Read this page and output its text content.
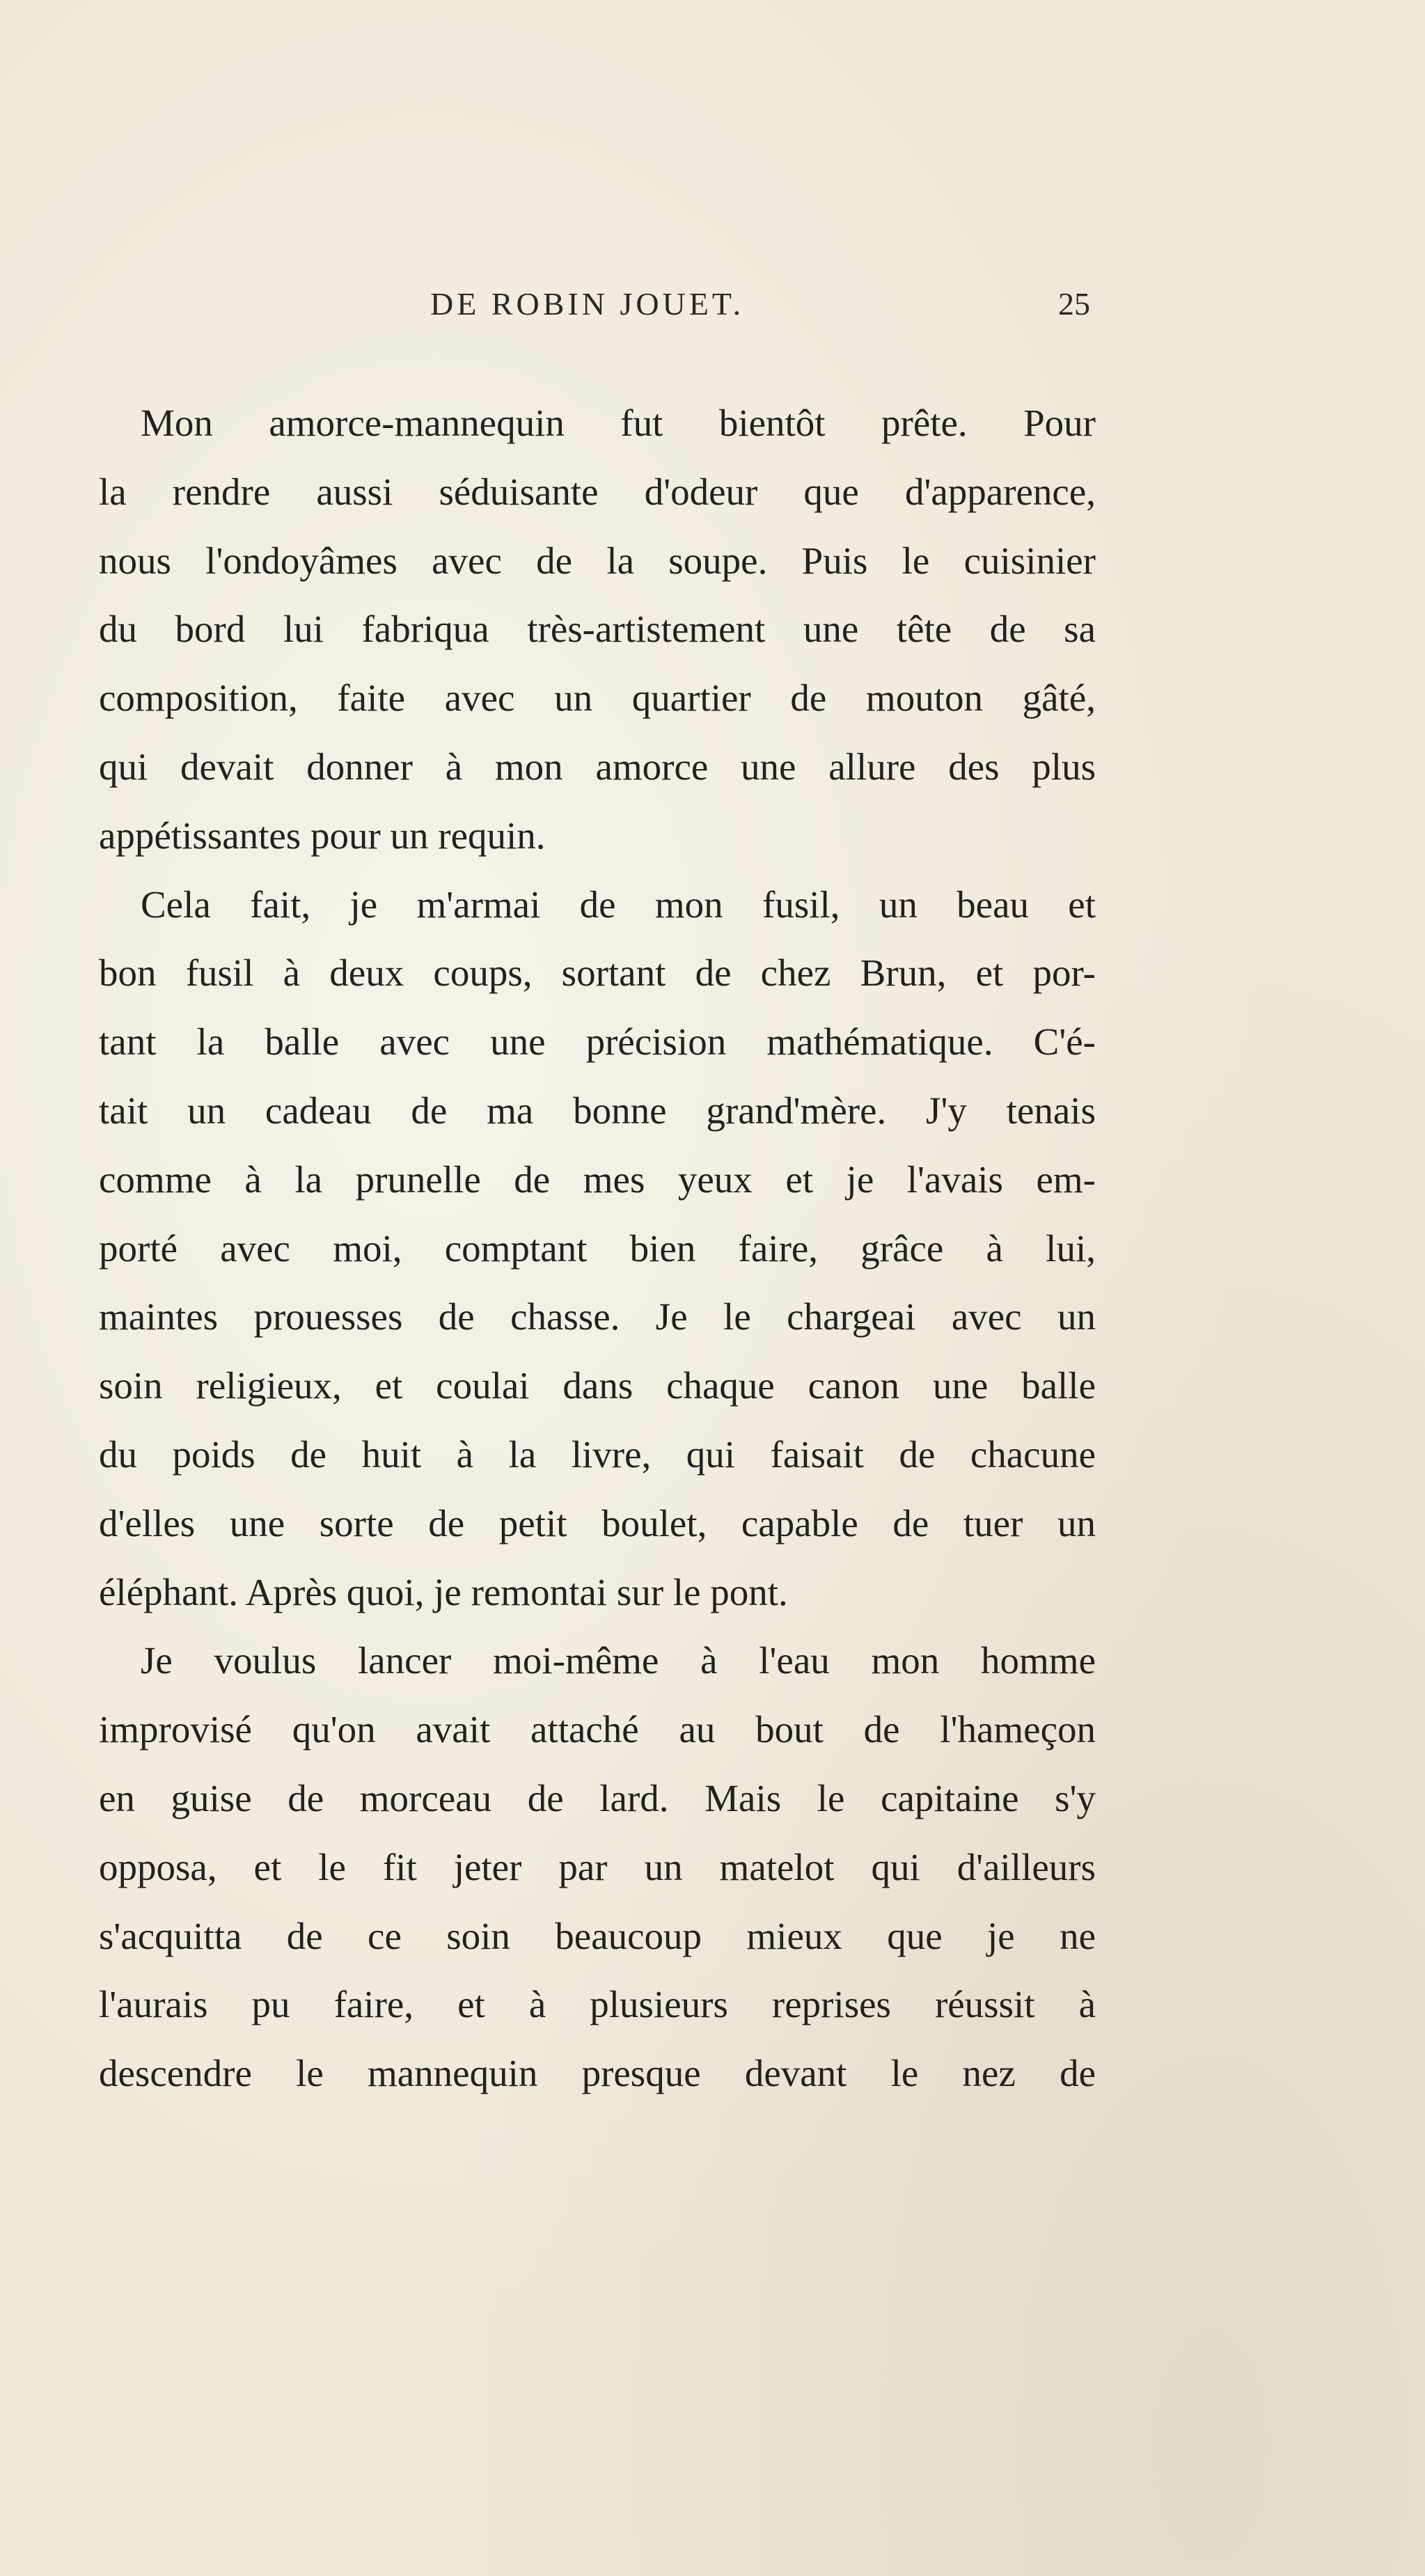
DE ROBIN JOUET.	25
Mon amorce-mannequin fut bientôt prête. Pour
la rendre aussi séduisante d'odeur que d'apparence,
nous l'ondoyâmes avec de la soupe. Puis le cuisinier
du bord lui fabriqua très-artistement une tête de sa
composition, faite avec un quartier de mouton gâté,
qui devait donner à mon amorce une allure des plus
appétissantes pour un requin.
Cela fait, je m'armai de mon fusil, un beau et
bon fusil à deux coups, sortant de chez Brun, et por-
tant la balle avec une précision mathématique. C'é-
tait un cadeau de ma bonne grand'mère. J'y tenais
comme à la prunelle de mes yeux et je l'avais em-
porté avec moi, comptant bien faire, grâce à lui,
maintes prouesses de chasse. Je le chargeai avec un
soin religieux, et coulai dans chaque canon une balle
du poids de huit à la livre, qui faisait de chacune
d'elles une sorte de petit boulet, capable de tuer un
éléphant. Après quoi, je remontai sur le pont.
Je voulus lancer moi-même à l'eau mon homme
improvisé qu'on avait attaché au bout de l'hameçon
en guise de morceau de lard. Mais le capitaine s'y
opposa, et le fit jeter par un matelot qui d'ailleurs
s'acquitta de ce soin beaucoup mieux que je ne
l'aurais pu faire, et à plusieurs reprises réussit à
descendre le mannequin presque devant le nez de
